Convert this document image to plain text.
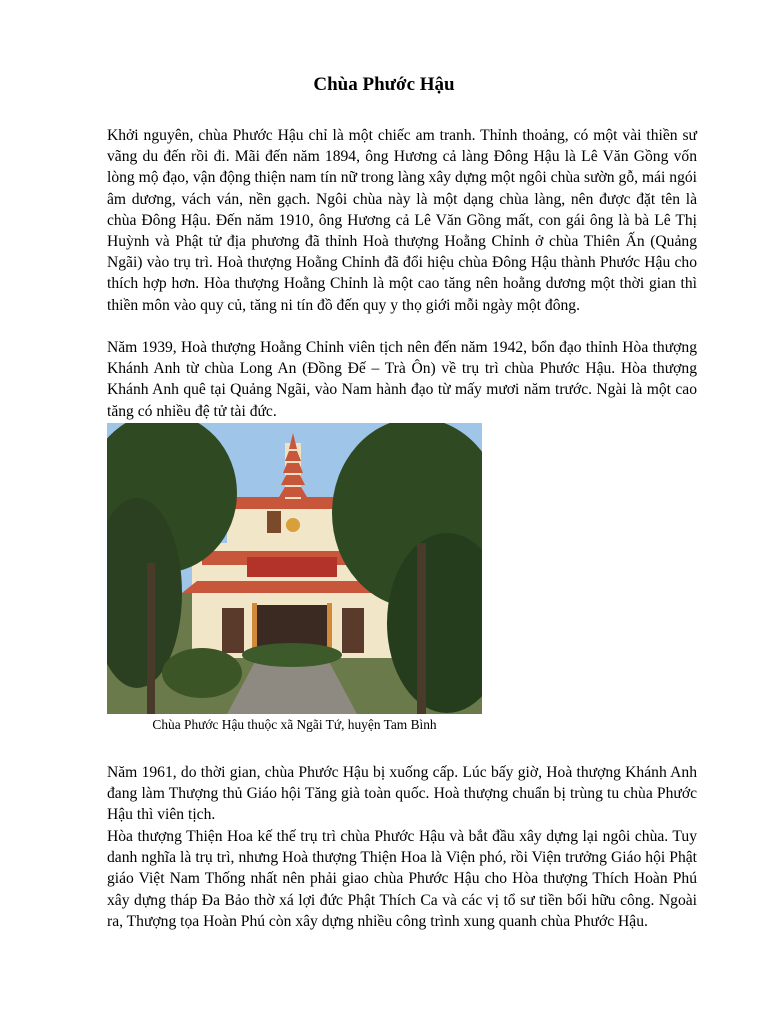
Chùa Phước Hậu

Khởi nguyên, chùa Phước Hậu chỉ là một chiếc am tranh. Thỉnh thoảng, có một vài thiền sư vãng du đến rồi đi. Mãi đến năm 1894, ông Hương cả làng Đông Hậu là Lê Văn Gồng vốn lòng mộ đạo, vận động thiện nam tín nữ trong làng xây dựng một ngôi chùa sườn gỗ, mái ngói âm dương, vách ván, nền gạch. Ngôi chùa này là một dạng chùa làng, nên được đặt tên là chùa Đông Hậu. Đến năm 1910, ông Hương cả Lê Văn Gồng mất, con gái ông là bà Lê Thị Huỳnh và Phật tử địa phương đã thỉnh Hoà thượng Hoằng Chỉnh ở chùa Thiên Ấn (Quảng Ngãi) vào trụ trì. Hoà thượng Hoằng Chỉnh đã đổi hiệu chùa Đông Hậu thành Phước Hậu cho thích hợp hơn. Hòa thượng Hoằng Chỉnh là một cao tăng nên hoằng dương một thời gian thì thiền môn vào quy củ, tăng ni tín đồ đến quy y thọ giới mỗi ngày một đông.

Năm 1939, Hoà thượng Hoằng Chỉnh viên tịch nên đến năm 1942, bổn đạo thỉnh Hòa thượng Khánh Anh từ chùa Long An (Đồng Đế – Trà Ôn) về trụ trì chùa Phước Hậu. Hòa thượng Khánh Anh quê tại Quảng Ngãi, vào Nam hành đạo từ mấy mươi năm trước. Ngài là một cao tăng có nhiều đệ tử tài đức.

Chùa Phước Hậu thuộc xã Ngãi Tứ, huyện Tam Bình

Năm 1961, do thời gian, chùa Phước Hậu bị xuống cấp. Lúc bấy giờ, Hoà thượng Khánh Anh đang làm Thượng thủ Giáo hội Tăng già toàn quốc. Hoà thượng chuẩn bị trùng tu chùa Phước Hậu thì viên tịch.

Hòa thượng Thiện Hoa kế thế trụ trì chùa Phước Hậu và bắt đầu xây dựng lại ngôi chùa. Tuy danh nghĩa là trụ trì, nhưng Hoà thượng Thiện Hoa là Viện phó, rồi Viện trưởng Giáo hội Phật giáo Việt Nam Thống nhất nên phải giao chùa Phước Hậu cho Hòa thượng Thích Hoàn Phú xây dựng tháp Đa Bảo thờ xá lợi đức Phật Thích Ca và các vị tổ sư tiền bối hữu công. Ngoài ra, Thượng tọa Hoàn Phú còn xây dựng nhiều công trình xung quanh chùa Phước Hậu.
